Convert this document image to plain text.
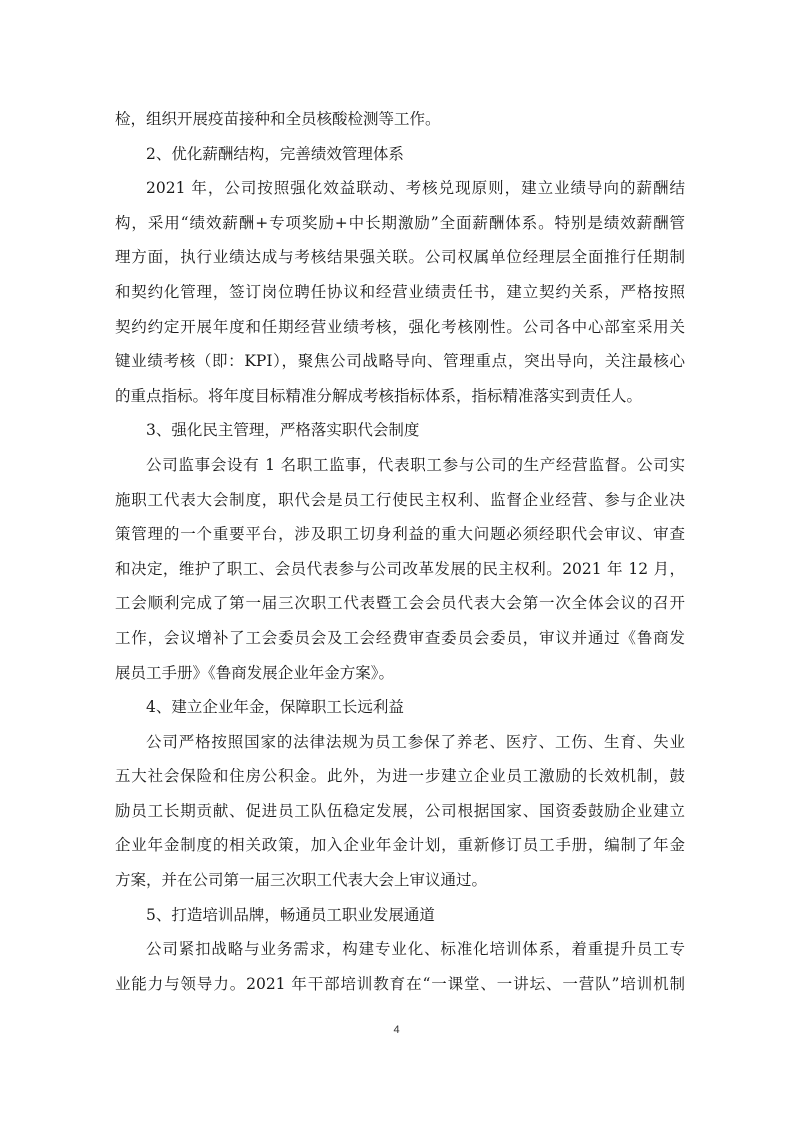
检，组织开展疫苗接种和全员核酸检测等工作。
2、优化薪酬结构，完善绩效管理体系
2021 年，公司按照强化效益联动、考核兑现原则，建立业绩导向的薪酬结
构，采用“绩效薪酬+专项奖励+中长期激励”全面薪酬体系。特别是绩效薪酬管
理方面，执行业绩达成与考核结果强关联。公司权属单位经理层全面推行任期制
和契约化管理，签订岗位聘任协议和经营业绩责任书，建立契约关系，严格按照
契约约定开展年度和任期经营业绩考核，强化考核刚性。公司各中心部室采用关
键业绩考核（即：KPI），聚焦公司战略导向、管理重点，突出导向，关注最核心
的重点指标。将年度目标精准分解成考核指标体系，指标精准落实到责任人。
3、强化民主管理，严格落实职代会制度
公司监事会设有 1 名职工监事，代表职工参与公司的生产经营监督。公司实
施职工代表大会制度，职代会是员工行使民主权利、监督企业经营、参与企业决
策管理的一个重要平台，涉及职工切身利益的重大问题必须经职代会审议、审查
和决定，维护了职工、会员代表参与公司改革发展的民主权利。2021 年 12 月，
工会顺利完成了第一届三次职工代表暨工会会员代表大会第一次全体会议的召开
工作，会议增补了工会委员会及工会经费审查委员会委员，审议并通过《鲁商发
展员工手册》《鲁商发展企业年金方案》。
4、建立企业年金，保障职工长远利益
公司严格按照国家的法律法规为员工参保了养老、医疗、工伤、生育、失业
五大社会保险和住房公积金。此外，为进一步建立企业员工激励的长效机制，鼓
励员工长期贡献、促进员工队伍稳定发展，公司根据国家、国资委鼓励企业建立
企业年金制度的相关政策，加入企业年金计划，重新修订员工手册，编制了年金
方案，并在公司第一届三次职工代表大会上审议通过。
5、打造培训品牌，畅通员工职业发展通道
公司紧扣战略与业务需求，构建专业化、标准化培训体系，着重提升员工专
业能力与领导力。2021 年干部培训教育在“一课堂、一讲坛、一营队”培训机制
4
